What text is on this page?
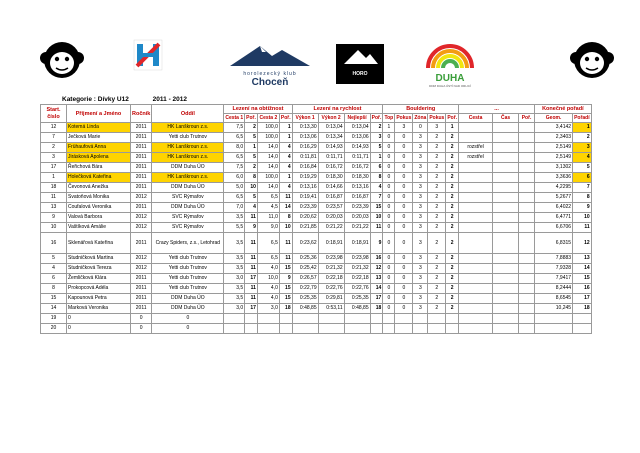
horolezecký klub
Choceň
HORO	DUHA
DDM DUHA ÚSTÍ NAD ORLICÍ
Kategorie : Dívky U12	2011 - 2012
Start. číslo	Příjmení a Jméno	Ročník	Oddíl	Lezení na obtížnost				Lezení na rychlost				Bouldering					...			Konečné pořadí	
				Cesta 1	Poř.	Cesta 2	Poř.	Výkon 1	Výkon 2	Nejlepší	Poř.	Top	Pokus	Zóna	Pokus	Poř.	Cesta	Čas	Poř.	Geom.	Pořadí
12	Kotemá Linda	2011	HK Lanškroun z.s.	7,5	2	100,0	1	0:13,30	0:13,04	0:13,04	2	1	3	0	3	1				3,4142	1
7	Ječková Marie	2011	Yetti club Trutnov	6,5	5	100,0	1	0:13,06	0:13,34	0:13,06	3	0	0	3	2	2				2,3403	2
2	Frühaufová Anna	2011	HK Lanškroun z.s.	8,0	1	14,0	4	0:16,29	0:14,93	0:14,93	5	0	0	3	2	2	rozstřel			2,5149	3
3	Jirásková Apolena	2011	HK Lanškroun z.s.	6,5	5	14,0	4	0:11,81	0:11,71	0:11,71	1	0	0	3	2	2	rozstřel			2,5149	4
17	Řeřichová Bára	2011	DDM Duha ÚO	7,5	2	14,0	4	0:16,84	0:16,72	0:16,72	6	0	0	3	2	2				3,1302	5
1	Holečková Kateřina	2011	HK Lanškroun z.s.	6,0	8	100,0	1	0:19,29	0:18,30	0:18,30	8	0	0	3	2	2				3,3636	6
18	Čevonová Anežka	2011	DDM Duha ÚO	5,0	10	14,0	4	0:13,16	0:14,66	0:13,16	4	0	0	3	2	2				4,2295	7
11	Svatoňová Monika	2012	SVC Rýmařov	6,5	5	6,5	11	0:19,41	0:16,87	0:16,87	7	0	0	3	2	2				5,2677	8
13	Coufalová Veronika	2011	DDM Duha ÚO	7,0	4	4,5	14	0:23,39	0:23,57	0:23,39	15	0	0	3	2	2				6,4022	9
9	Valová Barbora	2012	SVC Rýmařov	3,5	11	11,0	8	0:20,62	0:20,03	0:20,03	10	0	0	3	2	2				6,4771	10
10	Vaštíková Amálie	2012	SVC Rýmařov	5,5	9	9,0	10	0:21,85	0:21,22	0:21,22	11	0	0	3	2	2				6,6706	11
16	Sklenářová Kateřina	2011	Crazy Spiders, z.s., Letohrad	3,5	11	6,5	11	0:23,62	0:18,91	0:18,91	9	0	0	3	2	2				6,8315	12
5	Studničková Martina	2012	Yetti club Trutnov	3,5	11	6,5	11	0:25,36	0:23,98	0:23,98	16	0	0	3	2	2				7,8883	13
4	Studničková Tereza	2012	Yetti club Trutnov	3,5	11	4,0	15	0:25,42	0:21,32	0:21,32	12	0	0	3	2	2				7,9328	14
6	Žemličková Klára	2011	Yetti club Trutnov	3,0	17	10,0	9	0:26,57	0:22,18	0:22,18	13	0	0	3	2	2				7,9417	15
8	Prokopcová Adéla	2011	Yetti club Trutnov	3,5	11	4,0	15	0:22,79	0:22,76	0:22,76	14	0	0	3	2	2				8,2444	16
15	Kapounová Petra	2011	DDM Duha ÚO	3,5	11	4,0	15	0:25,35	0:29,81	0:25,35	17	0	0	3	2	2				8,6545	17
14	Marková Veronika	2011	DDM Duha ÚO	3,0	17	3,0	18	0:48,85	0:53,11	0:48,85	18	0	0	3	2	2				10,245	18
19	0	0	0																		
20	0	0	0																		
